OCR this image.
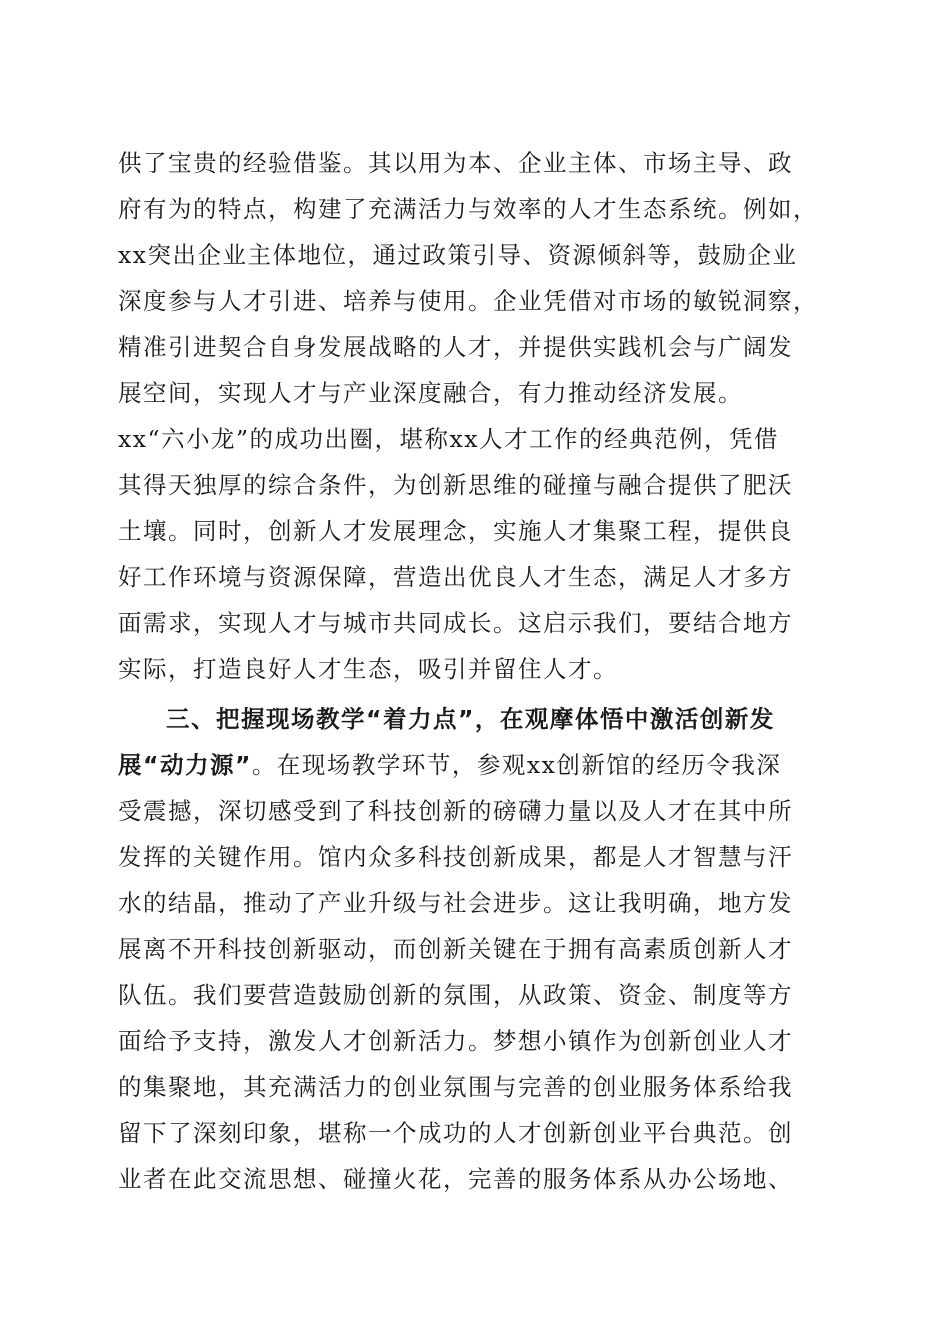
供了宝贵的经验借鉴。其以用为本、企业主体、市场主导、政
府有为的特点，构建了充满活力与效率的人才生态系统。例如，
xx突出企业主体地位，通过政策引导、资源倾斜等，鼓励企业
深度参与人才引进、培养与使用。企业凭借对市场的敏锐洞察，
精准引进契合自身发展战略的人才，并提供实践机会与广阔发
展空间，实现人才与产业深度融合，有力推动经济发展。
xx“六小龙”的成功出圈，堪称xx人才工作的经典范例，凭借
其得天独厚的综合条件，为创新思维的碰撞与融合提供了肥沃
土壤。同时，创新人才发展理念，实施人才集聚工程，提供良
好工作环境与资源保障，营造出优良人才生态，满足人才多方
面需求，实现人才与城市共同成长。这启示我们，要结合地方
实际，打造良好人才生态，吸引并留住人才。
三、把握现场教学“着力点”，在观摩体悟中激活创新发
展“动力源”。在现场教学环节，参观xx创新馆的经历令我深
受震撼，深切感受到了科技创新的磅礴力量以及人才在其中所
发挥的关键作用。馆内众多科技创新成果，都是人才智慧与汗
水的结晶，推动了产业升级与社会进步。这让我明确，地方发
展离不开科技创新驱动，而创新关键在于拥有高素质创新人才
队伍。我们要营造鼓励创新的氛围，从政策、资金、制度等方
面给予支持，激发人才创新活力。梦想小镇作为创新创业人才
的集聚地，其充满活力的创业氛围与完善的创业服务体系给我
留下了深刻印象，堪称一个成功的人才创新创业平台典范。创
业者在此交流思想、碰撞火花，完善的服务体系从办公场地、
